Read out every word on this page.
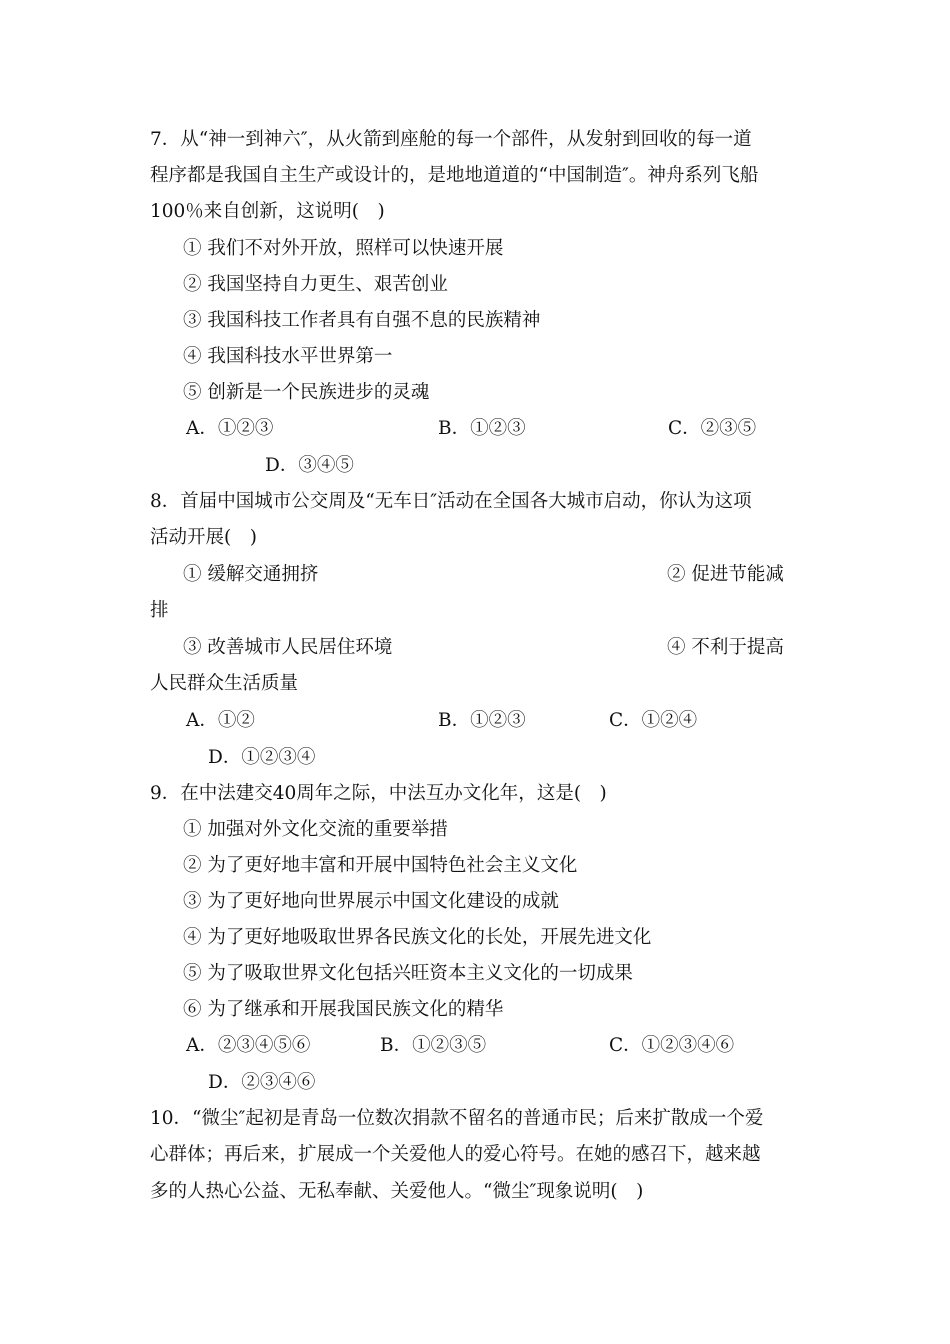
7．从“神一到神六″，从火箭到座舱的每一个部件，从发射到回收的每一道
程序都是我国自主生产或设计的，是地地道道的“中国制造″。神舟系列飞船
100％来自创新，这说明(　)
① 我们不对外开放，照样可以快速开展
② 我国坚持自力更生、艰苦创业
③ 我国科技工作者具有自强不息的民族精神
④ 我国科技水平世界第一
⑤ 创新是一个民族进步的灵魂
A．①②③	B．①②③	C．②③⑤
D．③④⑤
8．首届中国城市公交周及“无车日″活动在全国各大城市启动，你认为这项
活动开展(　)
① 缓解交通拥挤	② 促进节能减
排
③ 改善城市人民居住环境	④ 不利于提高
人民群众生活质量
A．①②	B．①②③	C．①②④
D．①②③④
9．在中法建交40周年之际，中法互办文化年，这是(　)
① 加强对外文化交流的重要举措
② 为了更好地丰富和开展中国特色社会主义文化
③ 为了更好地向世界展示中国文化建设的成就
④ 为了更好地吸取世界各民族文化的长处，开展先进文化
⑤ 为了吸取世界文化包括兴旺资本主义文化的一切成果
⑥ 为了继承和开展我国民族文化的精华
A．②③④⑤⑥	B．①②③⑤	C．①②③④⑥
D．②③④⑥
10．“微尘″起初是青岛一位数次捐款不留名的普通市民；后来扩散成一个爱
心群体；再后来，扩展成一个关爱他人的爱心符号。在她的感召下，越来越
多的人热心公益、无私奉献、关爱他人。“微尘″现象说明(　)
